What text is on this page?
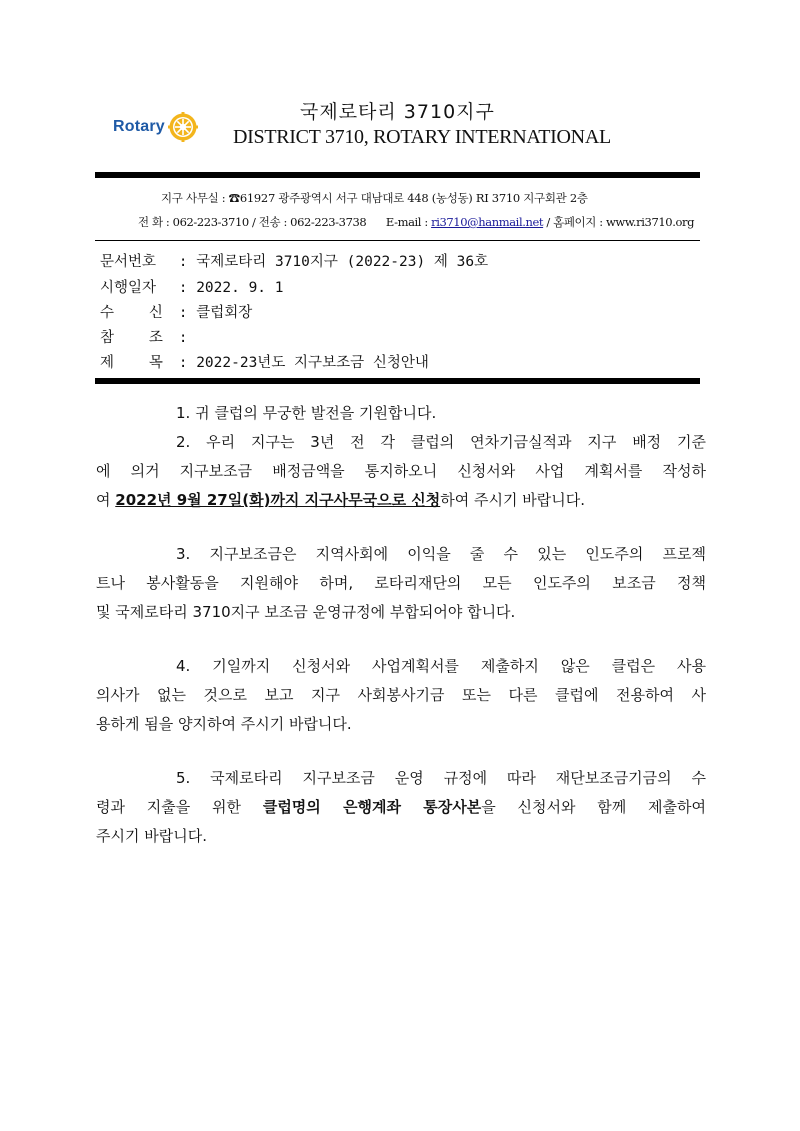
Rotary
국제로타리 3710지구
DISTRICT 3710, ROTARY INTERNATIONAL
지구 사무실 : ☎61927 광주광역시 서구 대남대로 448 (농성동) RI 3710 지구회관 2층
전 화 : 062-223-3710 / 전송 : 062-223-3738 E-mail : ri3710@hanmail.net / 홈페이지 : www.ri3710.org
문서번호 : 국제로타리 3710지구 (2022-23) 제 36호
시행일자 : 2022. 9. 1
수    신 : 클럽회장
참    조 :
제    목 : 2022-23년도 지구보조금 신청안내
1. 귀 클럽의 무궁한 발전을 기원합니다.
2. 우리 지구는 3년 전 각 클럽의 연차기금실적과 지구 배정 기준
에 의거 지구보조금 배정금액을 통지하오니 신청서와 사업 계획서를 작성하
여 2022년 9월 27일(화)까지 지구사무국으로 신청하여 주시기 바랍니다.
3. 지구보조금은 지역사회에 이익을 줄 수 있는 인도주의 프로젝
트나 봉사활동을 지원해야 하며, 로타리재단의 모든 인도주의 보조금 정책
및 국제로타리 3710지구 보조금 운영규정에 부합되어야 합니다.
4. 기일까지 신청서와 사업계획서를 제출하지 않은 클럽은 사용
의사가 없는 것으로 보고 지구 사회봉사기금 또는 다른 클럽에 전용하여 사
용하게 됨을 양지하여 주시기 바랍니다.
5. 국제로타리 지구보조금 운영 규정에 따라 재단보조금기금의 수
령과 지출을 위한 클럽명의 은행계좌 통장사본을 신청서와 함께 제출하여
주시기 바랍니다.
